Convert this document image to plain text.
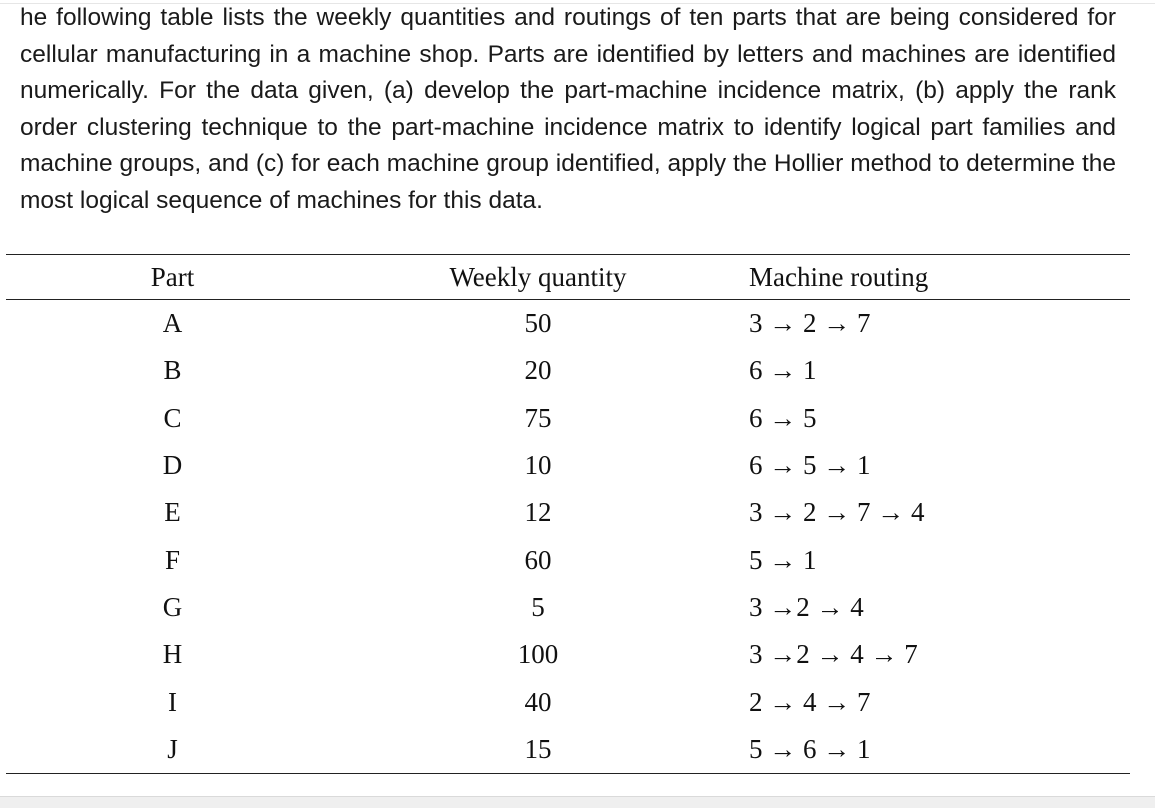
he following table lists the weekly quantities and routings of ten parts that are being considered for cellular manufacturing in a machine shop. Parts are identified by letters and machines are identified numerically. For the data given, (a) develop the part-machine incidence matrix, (b) apply the rank order clustering technique to the part-machine incidence matrix to identify logical part families and machine groups, and (c) for each machine group identified, apply the Hollier method to determine the most logical sequence of machines for this data.

Part	Weekly quantity	Machine routing
A	50	3 → 2 → 7
B	20	6 → 1
C	75	6 → 5
D	10	6 → 5 → 1
E	12	3 → 2 → 7 → 4
F	60	5 → 1
G	5	3 →2 → 4
H	100	3 →2 → 4 → 7
I	40	2 → 4 → 7
J	15	5 → 6 → 1
